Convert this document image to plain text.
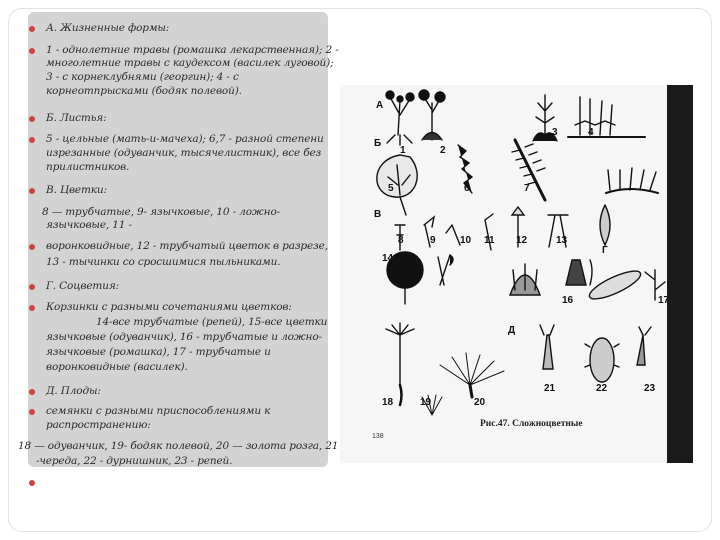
А. Жизненные формы:
1 - однолетние травы (ромашка лекарственная); 2 -
многолетние травы с каудексом (василек луговой);
3 - с корнеклубнями (георгин); 4 - с
корнеотпрысками (бодяк полевой).
Б. Листья:
5 - цельные (мать-и-мачеха); 6,7 - разной степени
изрезанные (одуванчик, тысячелистник), все без
прилистников.
В. Цветки:
8 — трубчатые, 9- язычковые, 10 - ложно-
язычковые, 11 -
воронковидные, 12 - трубчатый цветок в разрезе,
13 - тычинки со сросшимися пыльниками.
Г. Соцветия:
Корзинки с разными сочетаниями цветков:
14-все трубчатые (репей), 15-все цветки
язычковые (одуванчик), 16 - трубчатые и ложно-
язычковые (ромашка), 17 - трубчатые и
воронковидные (василек).
Д. Плоды:
семянки с разными приспособлениями к
распространению:
18 — одуванчик, 19- бодяк полевой, 20 — золота розга, 21
-череда, 22 - дурнишник, 23 - репей.
А
Б
В
Г
Д
1	2
3	4
5	6	7
8	9 10 11 12	13
14
15
16	17
18	19	20
21	22	23
Рис.47. Сложноцветные
138
